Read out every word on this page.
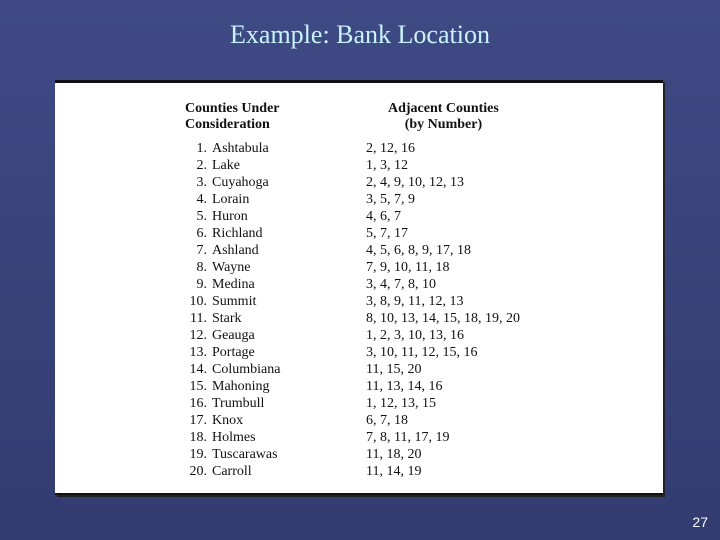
Example: Bank Location
Counties Under
Consideration
Adjacent Counties
(by Number)
1. Ashtabula	2, 12, 16
2. Lake	1, 3, 12
3. Cuyahoga	2, 4, 9, 10, 12, 13
4. Lorain	3, 5, 7, 9
5. Huron	4, 6, 7
6. Richland	5, 7, 17
7. Ashland	4, 5, 6, 8, 9, 17, 18
8. Wayne	7, 9, 10, 11, 18
9. Medina	3, 4, 7, 8, 10
10. Summit	3, 8, 9, 11, 12, 13
11. Stark	8, 10, 13, 14, 15, 18, 19, 20
12. Geauga	1, 2, 3, 10, 13, 16
13. Portage	3, 10, 11, 12, 15, 16
14. Columbiana	11, 15, 20
15. Mahoning	11, 13, 14, 16
16. Trumbull	1, 12, 13, 15
17. Knox	6, 7, 18
18. Holmes	7, 8, 11, 17, 19
19. Tuscarawas	11, 18, 20
20. Carroll	11, 14, 19
27
